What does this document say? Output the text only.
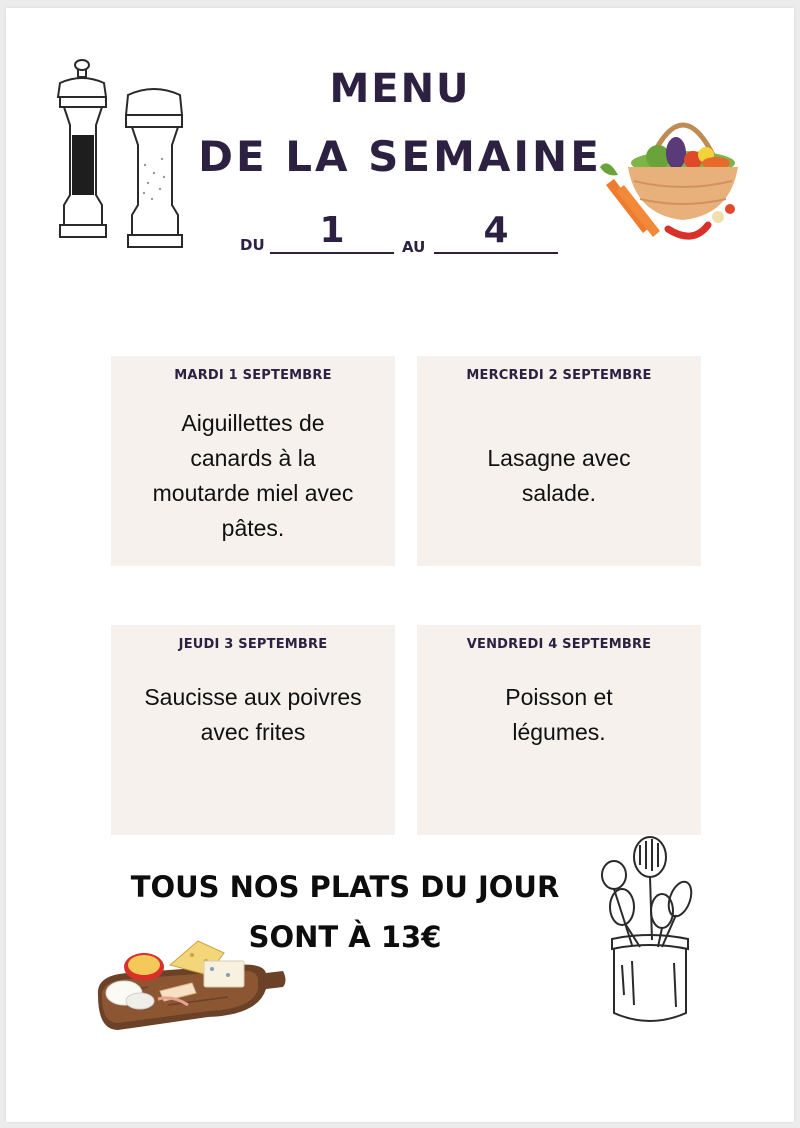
MENU
DE LA SEMAINE
DU	1	AU	4
MARDI 1 SEPTEMBRE
Aiguillettes de canards à la moutarde miel avec pâtes.
MERCREDI 2 SEPTEMBRE
Lasagne avec salade.
JEUDI 3 SEPTEMBRE
Saucisse aux poivres avec frites
VENDREDI 4 SEPTEMBRE
Poisson et légumes.
TOUS NOS PLATS DU JOUR
SONT À 13€
